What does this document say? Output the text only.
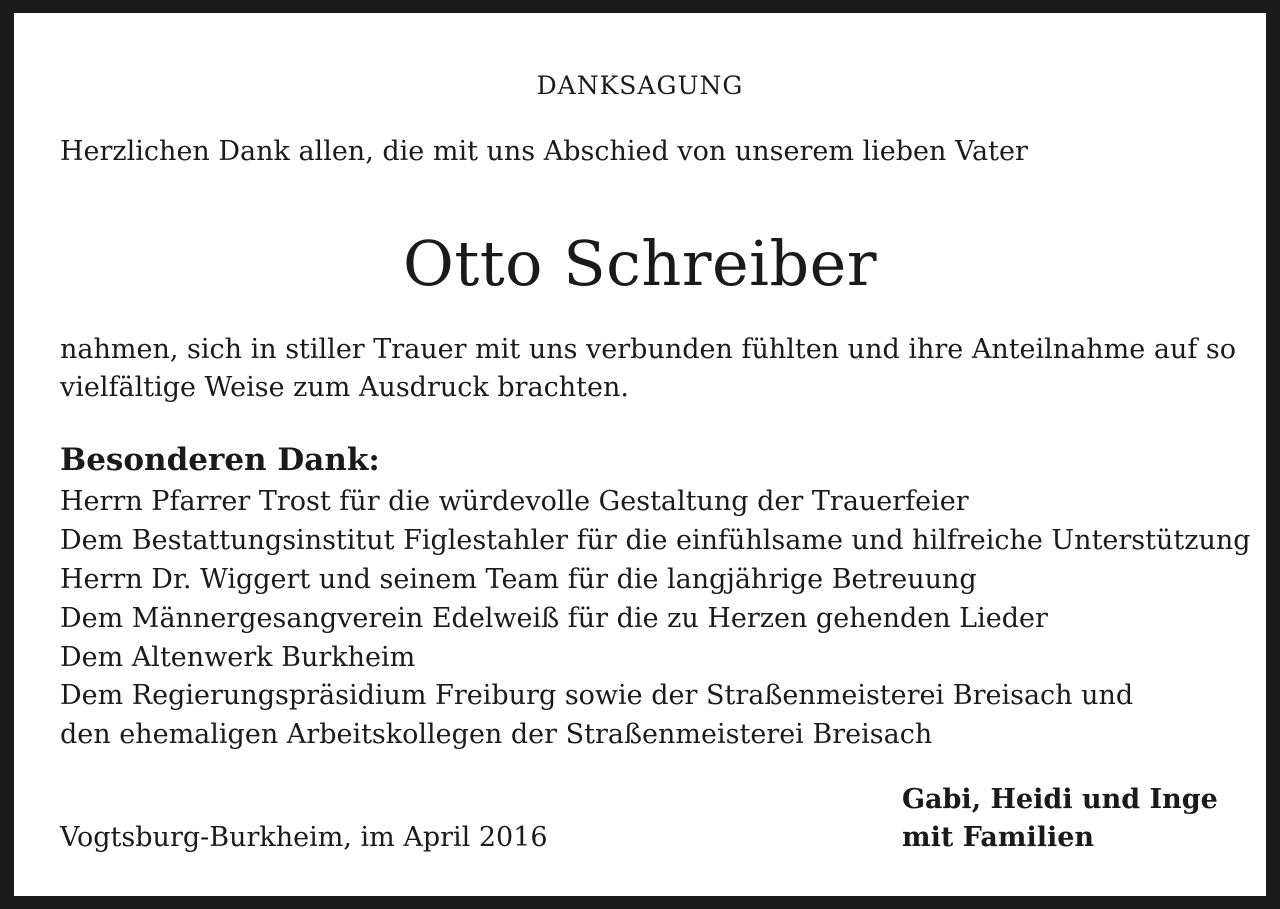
DANKSAGUNG
Herzlichen Dank allen, die mit uns Abschied von unserem lieben Vater
Otto Schreiber
nahmen, sich in stiller Trauer mit uns verbunden fühlten und ihre Anteilnahme auf so
vielfältige Weise zum Ausdruck brachten.
Besonderen Dank:
Herrn Pfarrer Trost für die würdevolle Gestaltung der Trauerfeier
Dem Bestattungsinstitut Figlestahler für die einfühlsame und hilfreiche Unterstützung
Herrn Dr. Wiggert und seinem Team für die langjährige Betreuung
Dem Männergesangverein Edelweiß für die zu Herzen gehenden Lieder
Dem Altenwerk Burkheim
Dem Regierungspräsidium Freiburg sowie der Straßenmeisterei Breisach und
den ehemaligen Arbeitskollegen der Straßenmeisterei Breisach
Gabi, Heidi und Inge
mit Familien
Vogtsburg-Burkheim, im April 2016
